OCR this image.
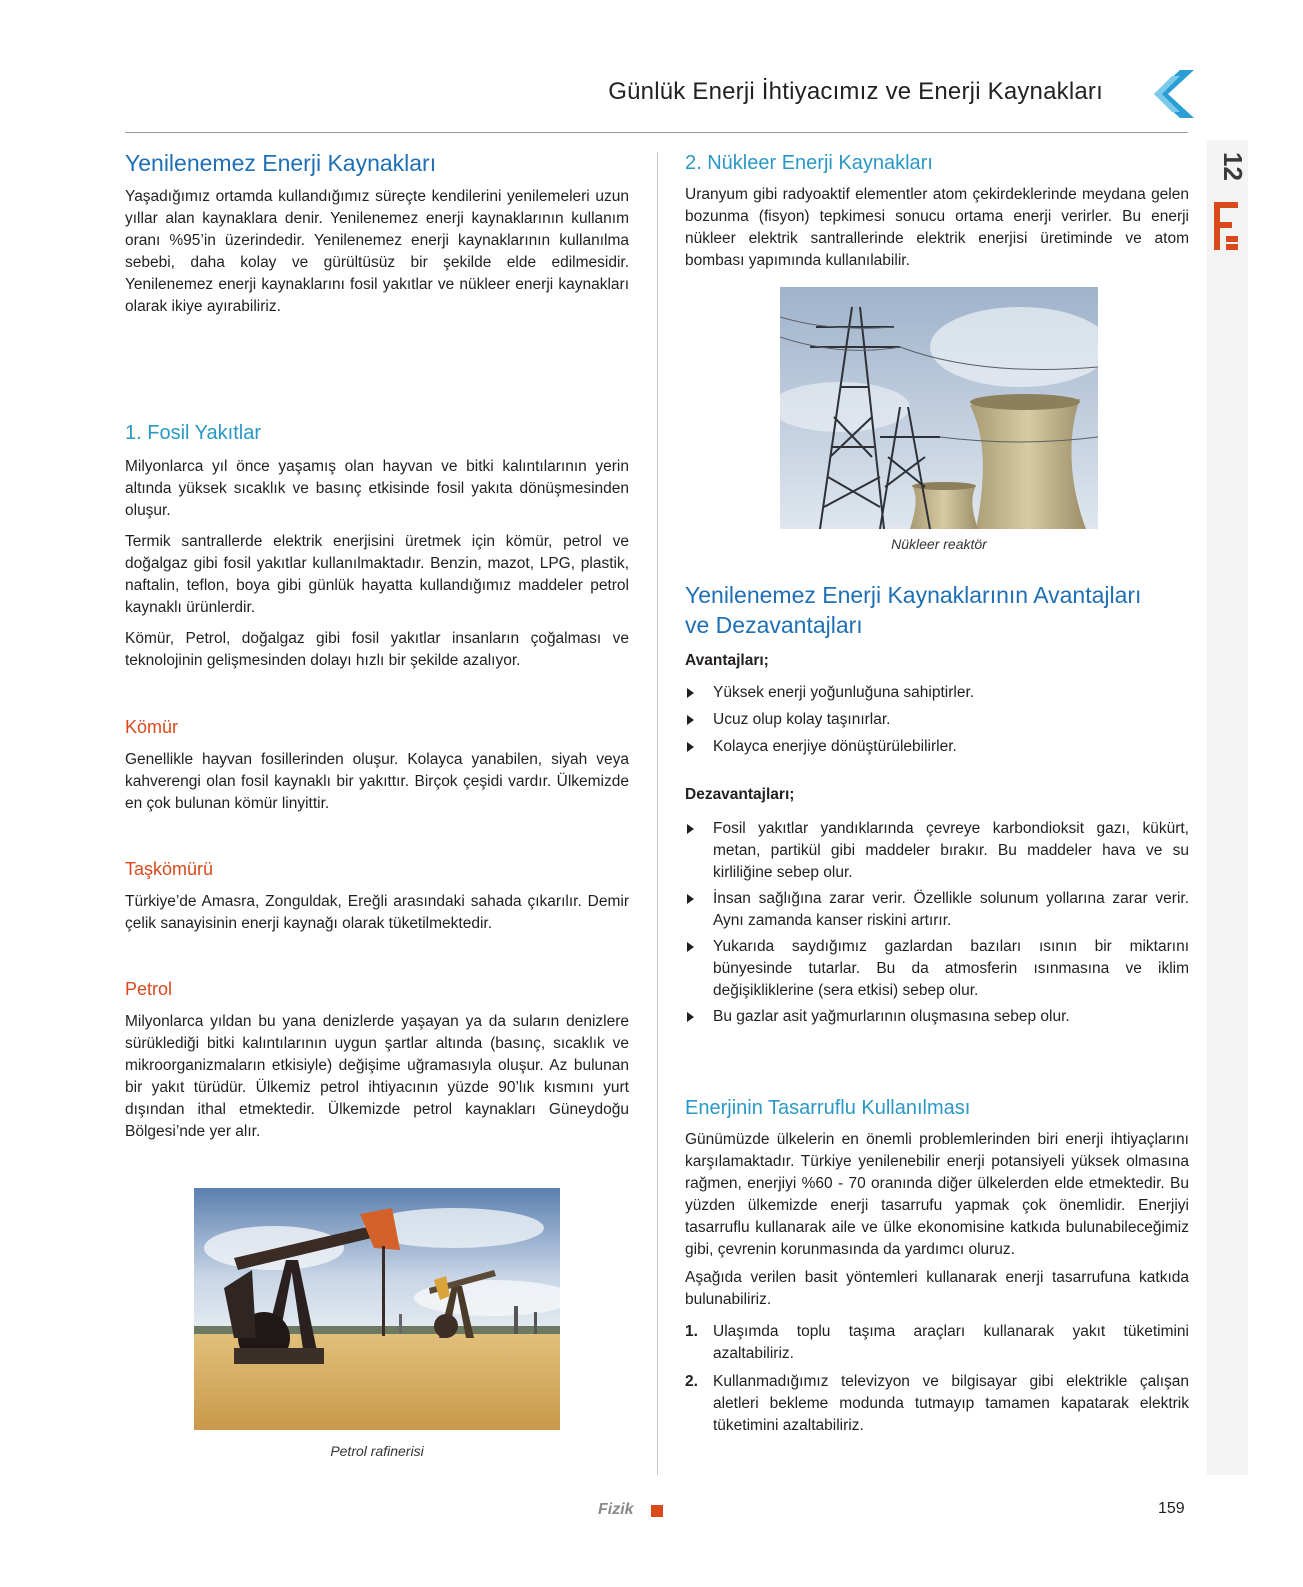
Günlük Enerji İhtiyacımız ve Enerji Kaynakları
12
Yenilenemez Enerji Kaynakları

Yaşadığımız ortamda kullandığımız süreçte kendilerini yenilemeleri uzun yıllar alan kaynaklara denir. Yenilenemez enerji kaynaklarının kullanım oranı %95’in üzerindedir. Yenilenemez enerji kaynaklarının kullanılma sebebi, daha kolay ve gürültüsüz bir şekilde elde edilmesidir. Yenilenemez enerji kaynaklarını fosil yakıtlar ve nükleer enerji kaynakları olarak ikiye ayırabiliriz.

1. Fosil Yakıtlar

Milyonlarca yıl önce yaşamış olan hayvan ve bitki kalıntılarının yerin altında yüksek sıcaklık ve basınç etkisinde fosil yakıta dönüşmesinden oluşur.

Termik santrallerde elektrik enerjisini üretmek için kömür, petrol ve doğalgaz gibi fosil yakıtlar kullanılmaktadır. Benzin, mazot, LPG, plastik, naftalin, teflon, boya gibi günlük hayatta kullandığımız maddeler petrol kaynaklı ürünlerdir.

Kömür, Petrol, doğalgaz gibi fosil yakıtlar insanların çoğalması ve teknolojinin gelişmesinden dolayı hızlı bir şekilde azalıyor.

Kömür

Genellikle hayvan fosillerinden oluşur. Kolayca yanabilen, siyah veya kahverengi olan fosil kaynaklı bir yakıttır. Birçok çeşidi vardır. Ülkemizde en çok bulunan kömür linyittir.

Taşkömürü

Türkiye’de Amasra, Zonguldak, Ereğli arasındaki sahada çıkarılır. Demir çelik sanayisinin enerji kaynağı olarak tüketilmektedir.

Petrol

Milyonlarca yıldan bu yana denizlerde yaşayan ya da suların denizlere sürüklediği bitki kalıntılarının uygun şartlar altında (basınç, sıcaklık ve mikroorganizmaların etkisiyle) değişime uğramasıyla oluşur. Az bulunan bir yakıt türüdür. Ülkemiz petrol ihtiyacının yüzde 90’lık kısmını yurt dışından ithal etmektedir. Ülkemizde petrol kaynakları Güneydoğu Bölgesi’nde yer alır.

Petrol rafinerisi
2. Nükleer Enerji Kaynakları

Uranyum gibi radyoaktif elementler atom çekirdeklerinde meydana gelen bozunma (fisyon) tepkimesi sonucu ortama enerji verirler. Bu enerji nükleer elektrik santrallerinde elektrik enerjisi üretiminde ve atom bombası yapımında kullanılabilir.

Nükleer reaktör
Yenilenemez Enerji Kaynaklarının Avantajları
ve Dezavantajları
Avantajları;
Yüksek enerji yoğunluğuna sahiptirler.
Ucuz olup kolay taşınırlar.
Kolayca enerjiye dönüştürülebilirler.
Dezavantajları;
Fosil yakıtlar yandıklarında çevreye karbondioksit gazı, kükürt, metan, partikül gibi maddeler bırakır. Bu maddeler hava ve su kirliliğine sebep olur.
İnsan sağlığına zarar verir. Özellikle solunum yollarına zarar verir. Aynı zamanda kanser riskini artırır.
Yukarıda saydığımız gazlardan bazıları ısının bir miktarını bünyesinde tutarlar. Bu da atmosferin ısınmasına ve iklim değişikliklerine (sera etkisi) sebep olur.
Bu gazlar asit yağmurlarının oluşmasına sebep olur.
Enerjinin Tasarruflu Kullanılması

Günümüzde ülkelerin en önemli problemlerinden biri enerji ihtiyaçlarını karşılamaktadır. Türkiye yenilenebilir enerji potansiyeli yüksek olmasına rağmen, enerjiyi %60 - 70 oranında diğer ülkelerden elde etmektedir. Bu yüzden ülkemizde enerji tasarrufu yapmak çok önemlidir. Enerjiyi tasarruflu kullanarak aile ve ülke ekonomisine katkıda bulunabileceğimiz gibi, çevrenin korunmasında da yardımcı oluruz.

Aşağıda verilen basit yöntemleri kullanarak enerji tasarrufuna katkıda bulunabiliriz.

1. Ulaşımda toplu taşıma araçları kullanarak yakıt tüketimini azaltabiliriz.
2. Kullanmadığımız televizyon ve bilgisayar gibi elektrikle çalışan aletleri bekleme modunda tutmayıp tamamen kapatarak elektrik tüketimini azaltabiliriz.
Fizik	159
